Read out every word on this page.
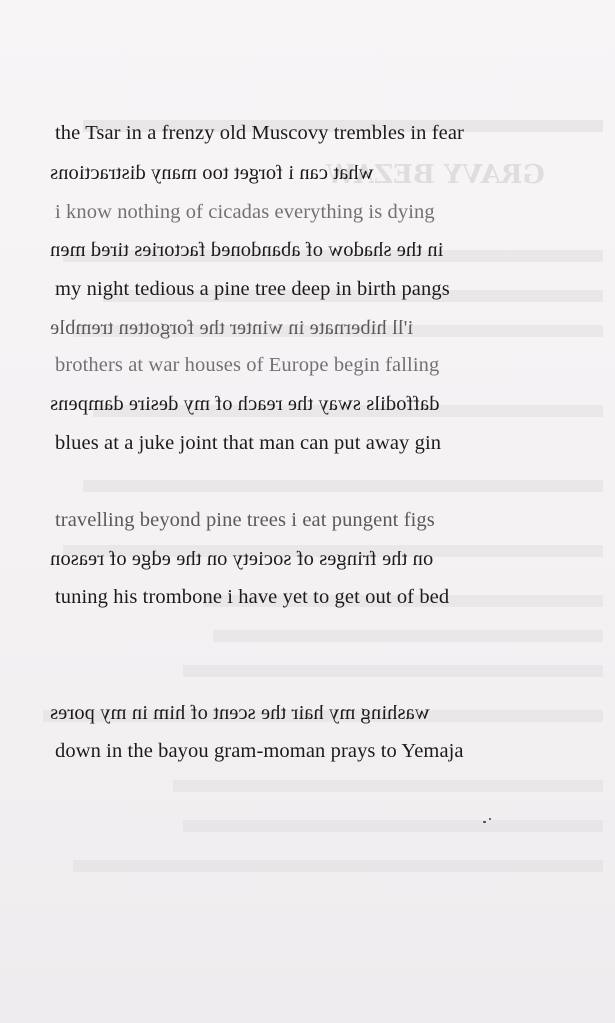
GRAVY BEZAW
the Tsar in a frenzy old Muscovy trembles in fear
what can i forget too many distractions
i know nothing of cicadas everything is dying
in the shadow of abandoned factories tired men
my night tedious a pine tree deep in birth pangs
i'll hibernate in winter the forgotten tremble
brothers at war houses of Europe begin falling
daffodils sway the reach of my desire dampens
blues at a juke joint that man can put away gin
travelling beyond pine trees i eat pungent figs
on the fringes of society on the edge of reason
tuning his trombone i have yet to get out of bed
washing my hair the scent of him in my pores
down in the bayou gram-moman prays to Yemaja
